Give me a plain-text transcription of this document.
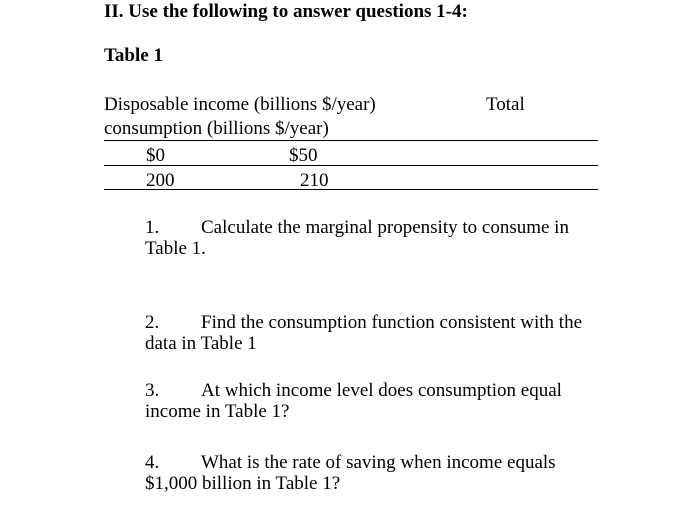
II. Use the following to answer questions 1-4:
Table 1
Disposable income (billions $/year)
consumption (billions $/year)
Total
$0	$50
200	210
1. Calculate the marginal propensity to consume in
Table 1.
2. Find the consumption function consistent with the
data in Table 1
3. At which income level does consumption equal
income in Table 1?
4. What is the rate of saving when income equals
$1,000 billion in Table 1?
